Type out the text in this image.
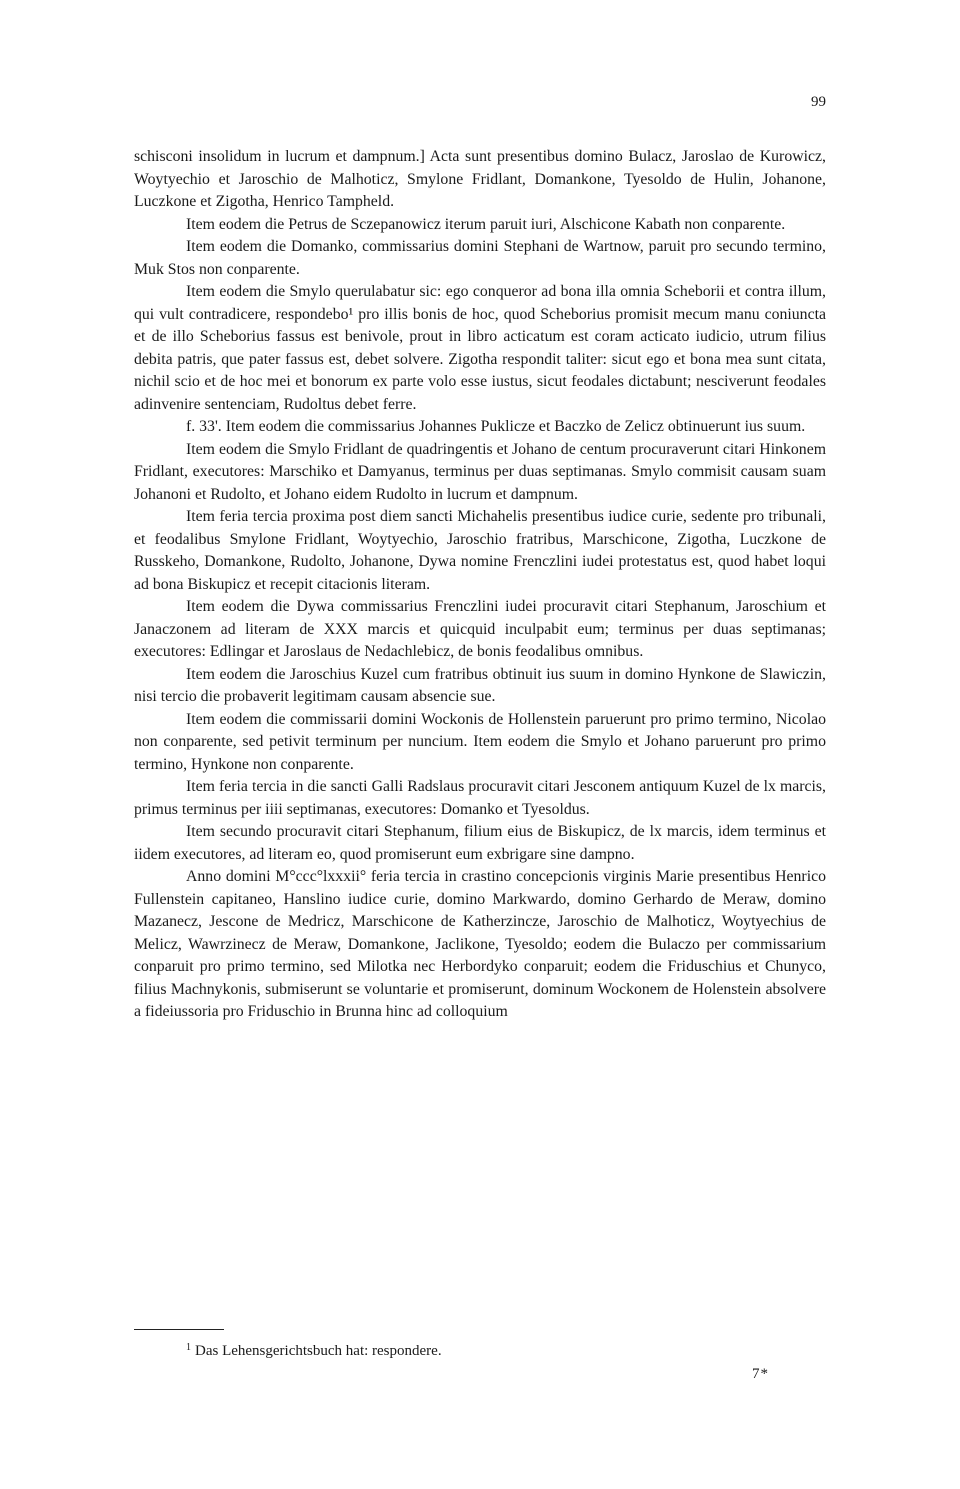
99

schisconi insolidum in lucrum et dampnum.] Acta sunt presentibus domino Bulacz, Jaroslao de Kurowicz, Woytyechio et Jaroschio de Malhoticz, Smylone Fridlant, Domankone, Tyesoldo de Hulin, Johanone, Luczkone et Zigotha, Henrico Tampheld.

Item eodem die Petrus de Sczepanowicz iterum paruit iuri, Alschicone Kabath non conparente.

Item eodem die Domanko, commissarius domini Stephani de Wartnow, paruit pro secundo termino, Muk Stos non conparente.

Item eodem die Smylo querulabatur sic: ego conqueror ad bona illa omnia Scheborii et contra illum, qui vult contradicere, respondebo¹ pro illis bonis de hoc, quod Scheborius promisit mecum manu coniuncta et de illo Scheborius fassus est benivole, prout in libro acticatum est coram acticato iudicio, utrum filius debita patris, que pater fassus est, debet solvere. Zigotha respondit taliter: sicut ego et bona mea sunt citata, nichil scio et de hoc mei et bonorum ex parte volo esse iustus, sicut feodales dictabunt; nesciverunt feodales adinvenire sentenciam, Rudoltus debet ferre.

f. 33'. Item eodem die commissarius Johannes Puklicze et Baczko de Zelicz obtinuerunt ius suum.

Item eodem die Smylo Fridlant de quadringentis et Johano de centum procuraverunt citari Hinkonem Fridlant, executores: Marschiko et Damyanus, terminus per duas septimanas. Smylo commisit causam suam Johanoni et Rudolto, et Johano eidem Rudolto in lucrum et dampnum.

Item feria tercia proxima post diem sancti Michahelis presentibus iudice curie, sedente pro tribunali, et feodalibus Smylone Fridlant, Woytyechio, Jaroschio fratribus, Marschicone, Zigotha, Luczkone de Russkeho, Domankone, Rudolto, Johanone, Dywa nomine Frenczlini iudei protestatus est, quod habet loqui ad bona Biskupicz et recepit citacionis literam.

Item eodem die Dywa commissarius Frenczlini iudei procuravit citari Stephanum, Jaroschium et Janaczonem ad literam de XXX marcis et quicquid inculpabit eum; terminus per duas septimanas; executores: Edlingar et Jaroslaus de Nedachlebicz, de bonis feodalibus omnibus.

Item eodem die Jaroschius Kuzel cum fratribus obtinuit ius suum in domino Hynkone de Slawiczin, nisi tercio die probaverit legitimam causam absencie sue.

Item eodem die commissarii domini Wockonis de Hollenstein paruerunt pro primo termino, Nicolao non conparente, sed petivit terminum per nuncium. Item eodem die Smylo et Johano paruerunt pro primo termino, Hynkone non conparente.

Item feria tercia in die sancti Galli Radslaus procuravit citari Jesconem antiquum Kuzel de lx marcis, primus terminus per iiii septimanas, executores: Domanko et Tyesoldus.

Item secundo procuravit citari Stephanum, filium eius de Biskupicz, de lx marcis, idem terminus et iidem executores, ad literam eo, quod promiserunt eum exbrigare sine dampno.

Anno domini M°ccc°lxxxii° feria tercia in crastino concepcionis virginis Marie presentibus Henrico Fullenstein capitaneo, Hanslino iudice curie, domino Markwardo, domino Gerhardo de Meraw, domino Mazanecz, Jescone de Medricz, Marschicone de Katherzincze, Jaroschio de Malhoticz, Woytyechius de Melicz, Wawrzinecz de Meraw, Domankone, Jaclikone, Tyesoldo; eodem die Bulaczo per commissarium conparuit pro primo termino, sed Milotka nec Herbordyko conparuit; eodem die Friduschius et Chunyco, filius Machnykonis, submiserunt se voluntarie et promiserunt, dominum Wockonem de Holenstein absolvere a fideiussoria pro Friduschio in Brunna hinc ad colloquium

$^1$ Das Lehensgerichtsbuch hat: respondere.
7*
